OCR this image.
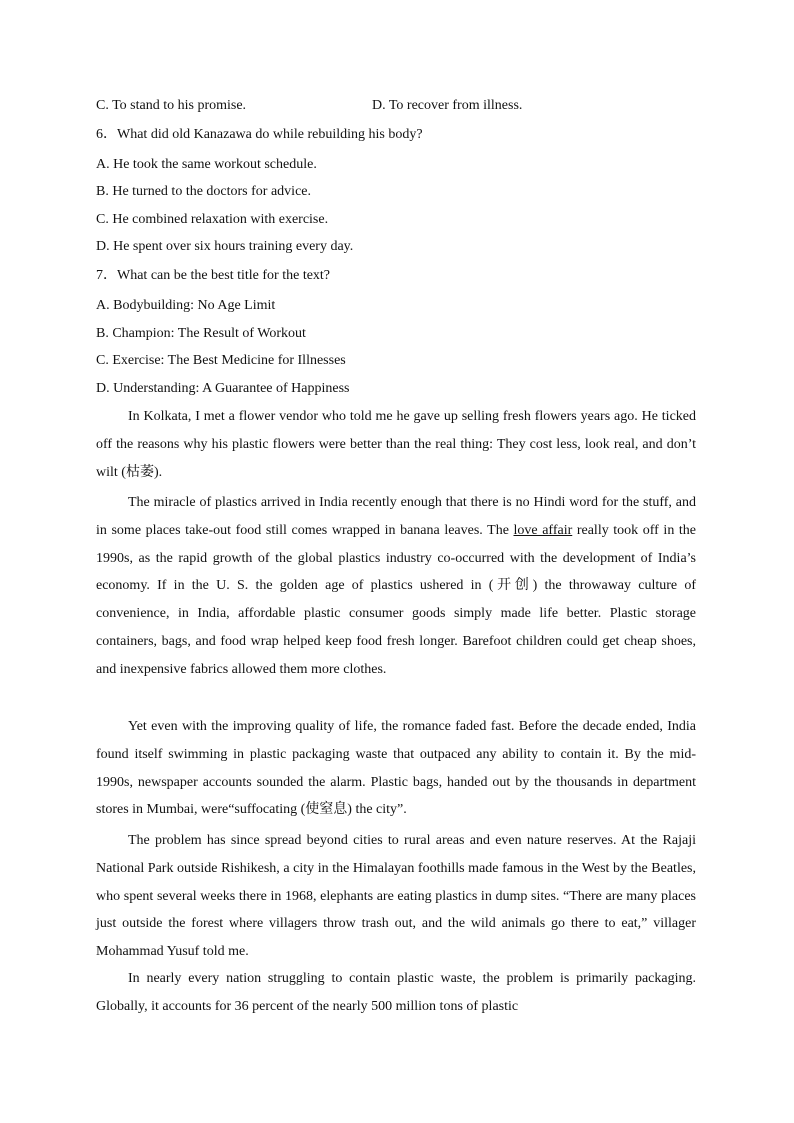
C. To stand to his promise.	D. To recover from illness.
6．What did old Kanazawa do while rebuilding his body?
A. He took the same workout schedule.
B. He turned to the doctors for advice.
C. He combined relaxation with exercise.
D. He spent over six hours training every day.
7．What can be the best title for the text?
A. Bodybuilding: No Age Limit
B. Champion: The Result of Workout
C. Exercise: The Best Medicine for Illnesses
D. Understanding: A Guarantee of Happiness

In Kolkata, I met a flower vendor who told me he gave up selling fresh flowers years ago. He ticked off the reasons why his plastic flowers were better than the real thing: They cost less, look real, and don’t wilt (枯萎).

The miracle of plastics arrived in India recently enough that there is no Hindi word for the stuff, and in some places take-out food still comes wrapped in banana leaves. The love affair really took off in the 1990s, as the rapid growth of the global plastics industry co-occurred with the development of India’s economy. If in the U. S. the golden age of plastics ushered in (开创) the throwaway culture of convenience, in India, affordable plastic consumer goods simply made life better. Plastic storage containers, bags, and food wrap helped keep food fresh longer. Barefoot children could get cheap shoes, and inexpensive fabrics allowed them more clothes.

Yet even with the improving quality of life, the romance faded fast. Before the decade ended, India found itself swimming in plastic packaging waste that outpaced any ability to contain it. By the mid-1990s, newspaper accounts sounded the alarm. Plastic bags, handed out by the thousands in department stores in Mumbai, were“suffocating (使窒息) the city”.

The problem has since spread beyond cities to rural areas and even nature reserves. At the Rajaji National Park outside Rishikesh, a city in the Himalayan foothills made famous in the West by the Beatles, who spent several weeks there in 1968, elephants are eating plastics in dump sites. “There are many places just outside the forest where villagers throw trash out, and the wild animals go there to eat,” villager Mohammad Yusuf told me.

In nearly every nation struggling to contain plastic waste, the problem is primarily packaging. Globally, it accounts for 36 percent of the nearly 500 million tons of plastic
